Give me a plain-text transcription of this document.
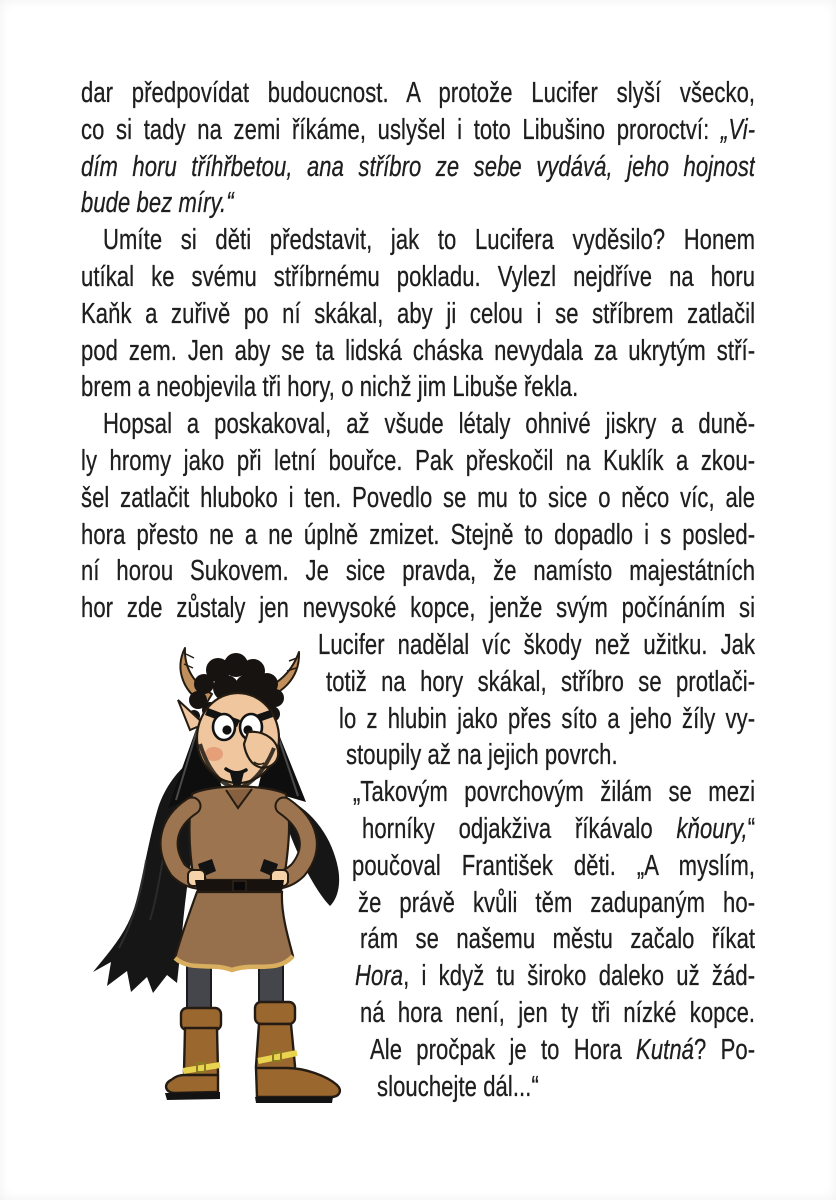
dar předpovídat budoucnost. A protože Lucifer slyší všecko,
co si tady na zemi říkáme, uslyšel i toto Libušino proroctví: „Vi-
dím horu tříhřbetou, ana stříbro ze sebe vydává, jeho hojnost
bude bez míry.“
Umíte si děti představit, jak to Lucifera vyděsilo? Honem
utíkal ke svému stříbrnému pokladu. Vylezl nejdříve na horu
Kaňk a zuřivě po ní skákal, aby ji celou i se stříbrem zatlačil
pod zem. Jen aby se ta lidská cháska nevydala za ukrytým stří-
brem a neobjevila tři hory, o nichž jim Libuše řekla.
Hopsal a poskakoval, až všude létaly ohnivé jiskry a duně-
ly hromy jako při letní bouřce. Pak přeskočil na Kuklík a zkou-
šel zatlačit hluboko i ten. Povedlo se mu to sice o něco víc, ale
hora přesto ne a ne úplně zmizet. Stejně to dopadlo i s posled-
ní horou Sukovem. Je sice pravda, že namísto majestátních
hor zde zůstaly jen nevysoké kopce, jenže svým počínáním si
Lucifer nadělal víc škody než užitku. Jak
totiž na hory skákal, stříbro se protlači-
lo z hlubin jako přes síto a jeho žíly vy-
stoupily až na jejich povrch.
„Takovým povrchovým žilám se mezi
horníky odjakživa říkávalo kňoury,“
poučoval František děti. „A myslím,
že právě kvůli těm zadupaným ho-
rám se našemu městu začalo říkat
Hora, i když tu široko daleko už žád-
ná hora není, jen ty tři nízké kopce.
Ale pročpak je to Hora Kutná? Po-
slouchejte dál...“
